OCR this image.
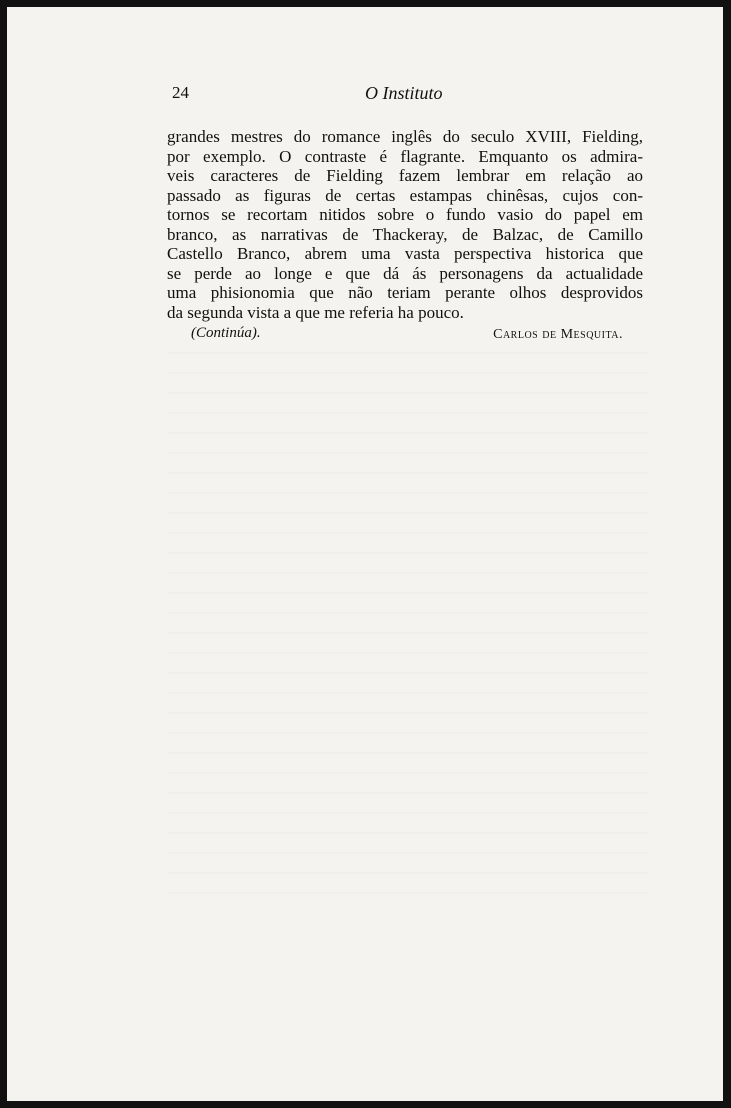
24	O Instituto
grandes mestres do romance inglês do seculo XVIII, Fielding,
por exemplo. O contraste é flagrante. Emquanto os admira-
veis caracteres de Fielding fazem lembrar em relação ao
passado as figuras de certas estampas chinêsas, cujos con-
tornos se recortam nitidos sobre o fundo vasio do papel em
branco, as narrativas de Thackeray, de Balzac, de Camillo
Castello Branco, abrem uma vasta perspectiva historica que
se perde ao longe e que dá ás personagens da actualidade
uma phisionomia que não teriam perante olhos desprovidos
da segunda vista a que me referia ha pouco.
(Continúa).	Carlos de Mesquita.
